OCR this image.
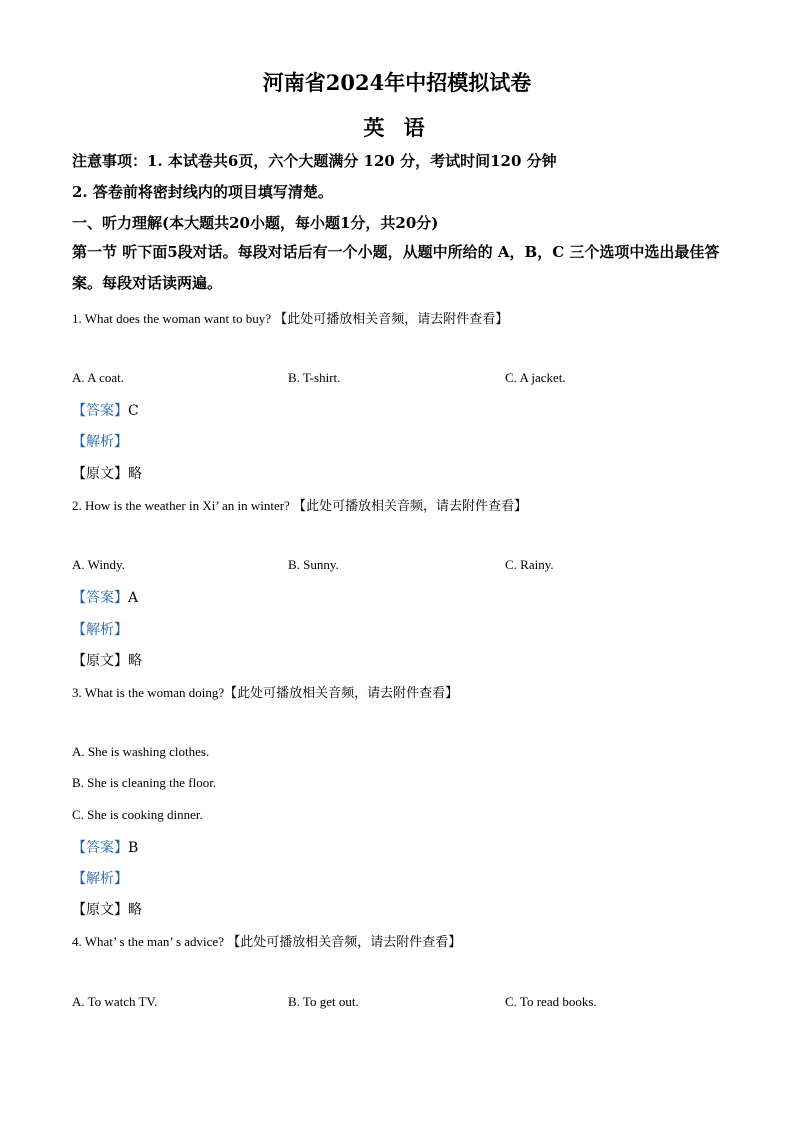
河南省2024年中招模拟试卷
英 语
注意事项：1. 本试卷共6页，六个大题满分 120 分，考试时间120 分钟
2. 答卷前将密封线内的项目填写清楚。
一、听力理解(本大题共20小题，每小题1分，共20分)
第一节 听下面5段对话。每段对话后有一个小题，从题中所给的 A，B，C 三个选项中选出最佳答案。每段对话读两遍。
1. What does the woman want to buy? 【此处可播放相关音频，请去附件查看】
A. A coat.	B. T-shirt.	C. A jacket.
【答案】C
【解析】
【原文】略
2. How is the weather in Xi’ an in winter? 【此处可播放相关音频，请去附件查看】
A. Windy.	B. Sunny.	C. Rainy.
【答案】A
【解析】
【原文】略
3. What is the woman doing?【此处可播放相关音频，请去附件查看】
A. She is washing clothes.
B. She is cleaning the floor.
C. She is cooking dinner.
【答案】B
【解析】
【原文】略
4. What’ s the man’ s advice? 【此处可播放相关音频，请去附件查看】
A. To watch TV.	B. To get out.	C. To read books.
